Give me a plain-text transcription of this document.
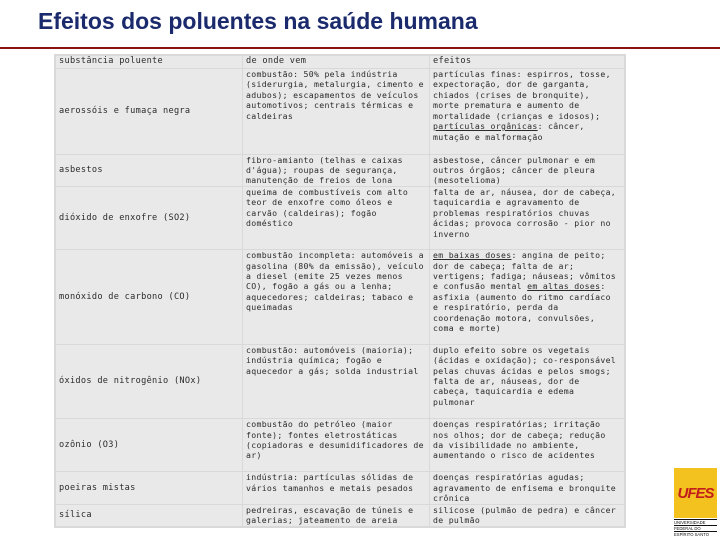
Efeitos dos poluentes na saúde humana
substância poluente	de onde vem	efeitos
aerossóis e fumaça negra	combustão: 50% pela indústria (siderurgia, metalurgia, cimento e adubos); escapamentos de veículos automotivos; centrais térmicas e caldeiras	partículas finas: espirros, tosse, expectoração, dor de garganta, chiados (crises de bronquite), morte prematura e aumento de mortalidade (crianças e idosos); partículas orgânicas: câncer, mutação e malformação
asbestos	fibro-amianto (telhas e caixas d'água); roupas de segurança, manutenção de freios de lona	asbestose, câncer pulmonar e em outros órgãos; câncer de pleura (mesotelioma)
dióxido de enxofre (SO2)	queima de combustíveis com alto teor de enxofre como óleos e carvão (caldeiras); fogão doméstico	falta de ar, náusea, dor de cabeça, taquicardia e agravamento de problemas respiratórios chuvas ácidas; provoca corrosão - pior no inverno
monóxido de carbono (CO)	combustão incompleta: automóveis a gasolina (80% da emissão), veículo a diesel (emite 25 vezes menos CO), fogão a gás ou a lenha; aquecedores; caldeiras; tabaco e queimadas	em baixas doses: angina de peito; dor de cabeça; falta de ar; vertigens; fadiga; náuseas; vômitos e confusão mental em altas doses: asfixia (aumento do ritmo cardíaco e respiratório, perda da coordenação motora, convulsões, coma e morte)
óxidos de nitrogênio (NOx)	combustão: automóveis (maioria); indústria química; fogão e aquecedor a gás; solda industrial	duplo efeito sobre os vegetais (ácidas e oxidação); co-responsável pelas chuvas ácidas e pelos smogs; falta de ar, náuseas, dor de cabeça, taquicardia e edema pulmonar
ozônio (O3)	combustão do petróleo (maior fonte); fontes eletrostáticas (copiadoras e desumidificadores de ar)	doenças respiratórias; irritação nos olhos; dor de cabeça; redução da visibilidade no ambiente, aumentando o risco de acidentes
poeiras mistas	indústria: partículas sólidas de vários tamanhos e metais pesados	doenças respiratórias agudas; agravamento de enfisema e bronquite crônica
sílica	pedreiras, escavação de túneis e galerias; jateamento de areia	silicose (pulmão de pedra) e câncer de pulmão
UFES
UNIVERSIDADE
FEDERAL DO
ESPÍRITO SANTO
